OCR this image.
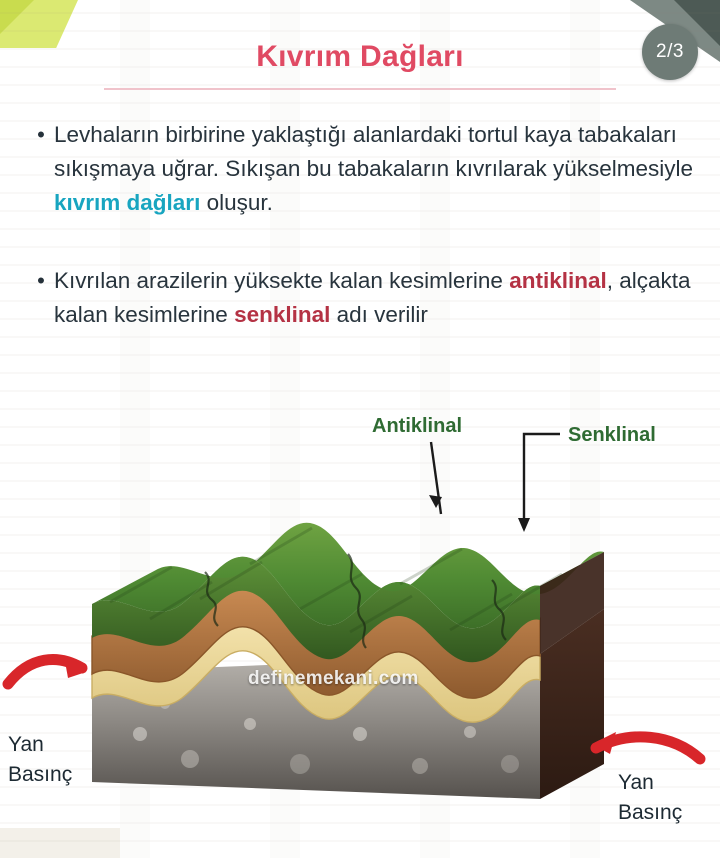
2/3
Kıvrım Dağları
• Levhaların birbirine yaklaştığı alanlardaki tortul kaya tabakaları sıkışmaya uğrar. Sıkışan bu tabakaların kıvrılarak yükselmesiyle kıvrım dağları oluşur.
• Kıvrılan arazilerin yüksekte kalan kesimlerine antiklinal, alçakta kalan kesimlerine senklinal adı verilir
Antiklinal	Senklinal
Yan
Basınç	Yan
Basınç
definemekani.com
